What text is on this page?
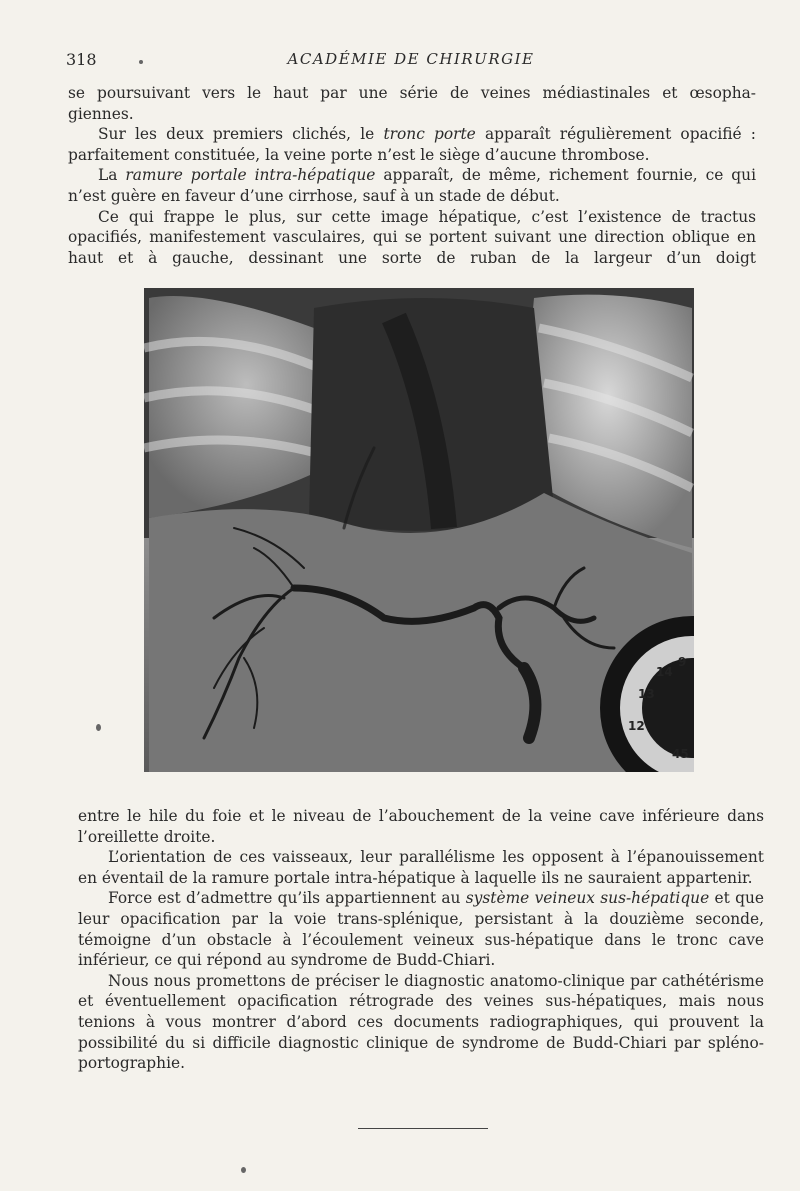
318	ACADÉMIE DE CHIRURGIE

se poursuivant vers le haut par une série de veines médiastinales et œsopha-
giennes.

Sur les deux premiers clichés, le tronc porte apparaît régulièrement opacifié : parfaitement constituée, la veine porte n’est le siège d’aucune thrombose.

La ramure portale intra-hépatique apparaît, de même, richement fournie, ce qui n’est guère en faveur d’une cirrhose, sauf à un stade de début.

Ce qui frappe le plus, sur cette image hépatique, c’est l’existence de tractus opacifiés, manifestement vasculaires, qui se portent suivant une direction oblique en haut et à gauche, dessinant une sorte de ruban de la largeur d’un doigt

13
14
12
45
9

entre le hile du foie et le niveau de l’abouchement de la veine cave inférieure dans l’oreillette droite.

L’orientation de ces vaisseaux, leur parallélisme les opposent à l’épanouissement en éventail de la ramure portale intra-hépatique à laquelle ils ne sauraient appartenir.

Force est d’admettre qu’ils appartiennent au système veineux sus-hépatique et que leur opacification par la voie trans-splénique, persistant à la douzième seconde, témoigne d’un obstacle à l’écoulement veineux sus-hépatique dans le tronc cave inférieur, ce qui répond au syndrome de Budd-Chiari.

Nous nous promettons de préciser le diagnostic anatomo-clinique par cathétérisme et éventuellement opacification rétrograde des veines sus-hépatiques, mais nous tenions à vous montrer d’abord ces documents radiographiques, qui prouvent la possibilité du si difficile diagnostic clinique de syndrome de Budd-Chiari par spléno-portographie.
